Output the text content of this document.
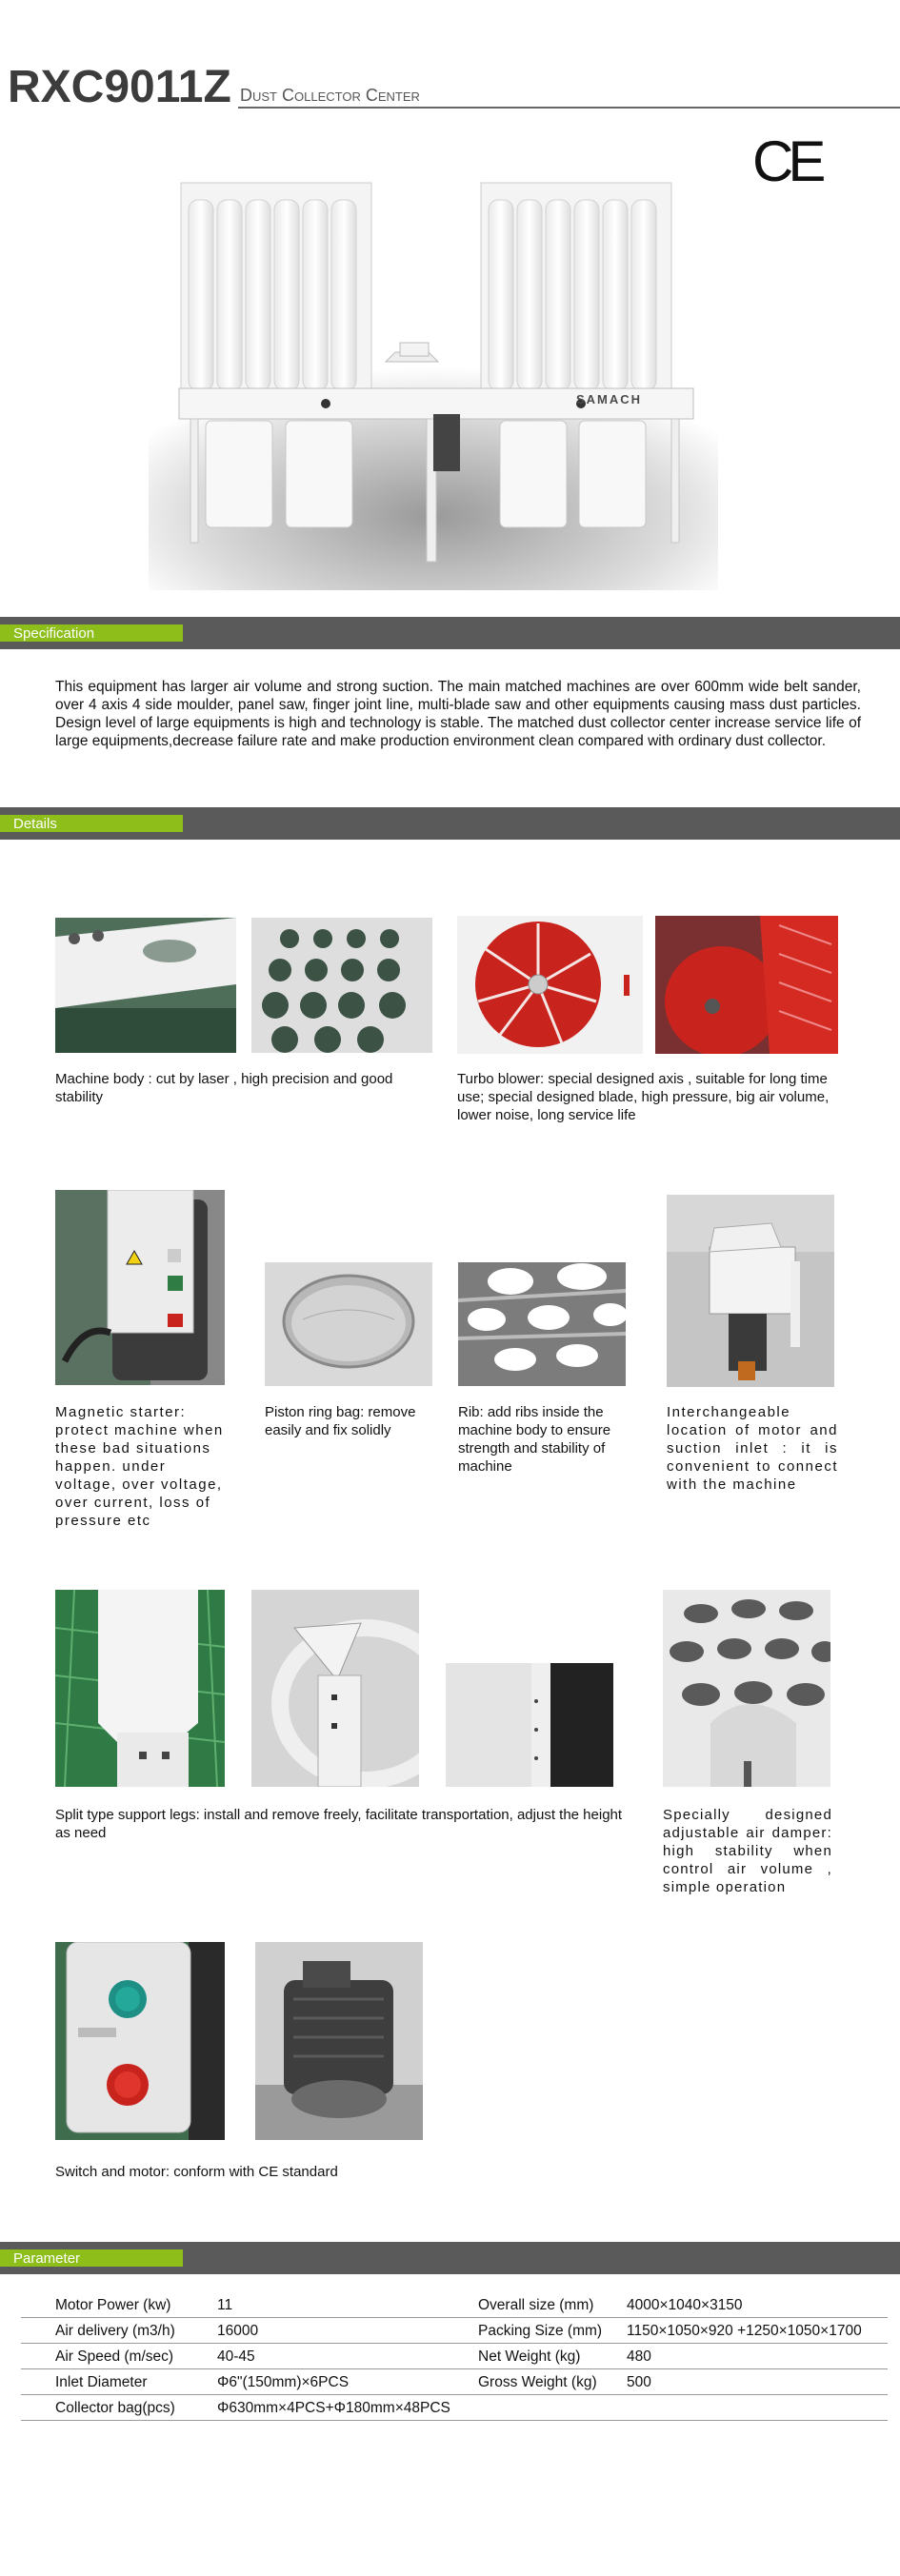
RXC9011Z Dust Collector Center
CE
SAMACH
Specification
This equipment has larger air volume and strong suction. The main matched machines are over 600mm wide belt sander, over 4 axis 4 side moulder, panel saw, finger joint line, multi-blade saw and other equipments causing mass dust particles. Design level of large equipments is high and technology is stable. The matched dust collector center increase service life of large equipments,decrease failure rate and make production environment clean compared with ordinary dust collector.
Details
Machine body : cut by laser , high precision and good stability
Turbo blower: special designed axis , suitable for long time use; special designed blade, high pressure, big air volume, lower noise, long service life
Magnetic starter: protect machine when these bad situations happen. under voltage, over voltage, over current, loss of pressure etc
Piston ring bag: remove easily and fix solidly
Rib: add ribs inside the machine body to ensure strength and stability of machine
Interchangeable location of motor and suction inlet : it is convenient to connect with the machine
Split type support legs: install and remove freely, facilitate transportation, adjust the height as need
Specially designed adjustable air damper: high stability when control air volume , simple operation
Switch and motor: conform with CE standard
Parameter
Motor Power (kw)	11	Overall size (mm) 4000×1040×3150
Air delivery (m3/h)	16000	Packing Size (mm) 1150×1050×920 +1250×1050×1700
Air Speed (m/sec)	40-45	Net Weight (kg)	480
Inlet Diameter	Φ6"(150mm)×6PCS	Gross Weight (kg) 500
Collector bag(pcs)	Φ630mm×4PCS+Φ180mm×48PCS
